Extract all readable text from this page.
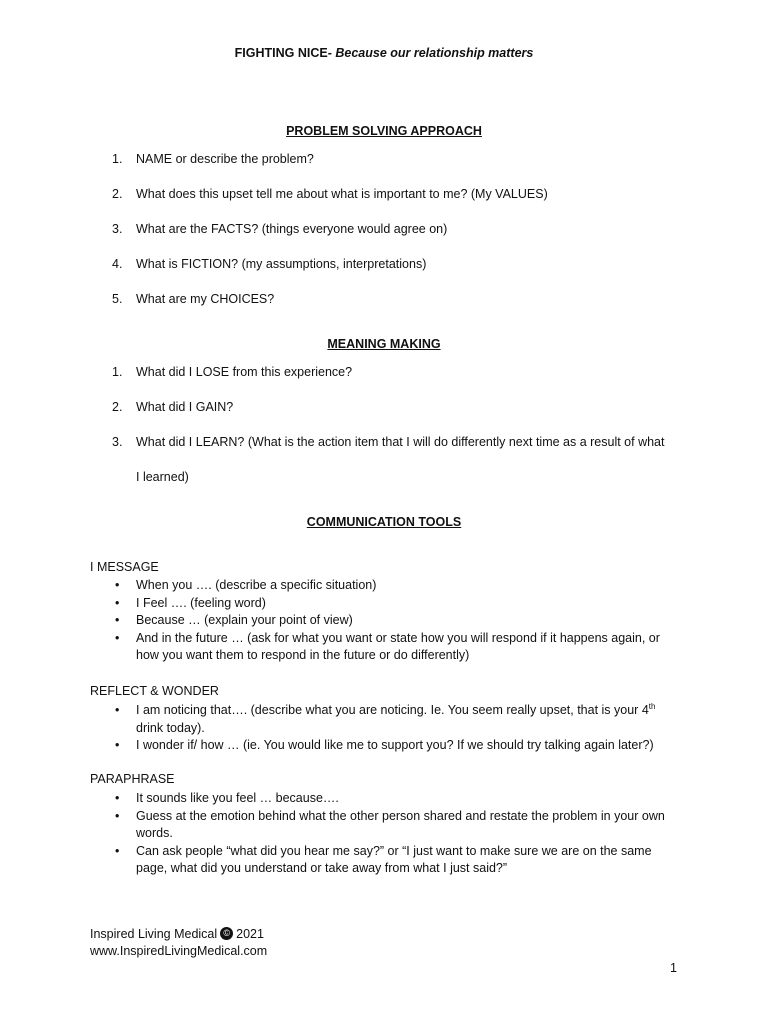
FIGHTING NICE- Because our relationship matters
PROBLEM SOLVING APPROACH
1. NAME or describe the problem?
2. What does this upset tell me about what is important to me? (My VALUES)
3. What are the FACTS? (things everyone would agree on)
4. What is FICTION? (my assumptions, interpretations)
5. What are my CHOICES?
MEANING MAKING
1. What did I LOSE from this experience?
2. What did I GAIN?
3. What did I LEARN? (What is the action item that I will do differently next time as a result of what
I learned)
COMMUNICATION TOOLS
I MESSAGE
• When you …. (describe a specific situation)
• I Feel …. (feeling word)
• Because … (explain your point of view)
• And in the future … (ask for what you want or state how you will respond if it happens again, or how you want them to respond in the future or do differently)
REFLECT & WONDER
• I am noticing that…. (describe what you are noticing. Ie. You seem really upset, that is your 4th drink today).
• I wonder if/ how … (ie. You would like me to support you? If we should try talking again later?)
PARAPHRASE
• It sounds like you feel … because….
• Guess at the emotion behind what the other person shared and restate the problem in your own words.
• Can ask people “what did you hear me say?” or “I just want to make sure we are on the same page, what did you understand or take away from what I just said?”
Inspired Living Medical © 2021
www.InspiredLivingMedical.com
1
